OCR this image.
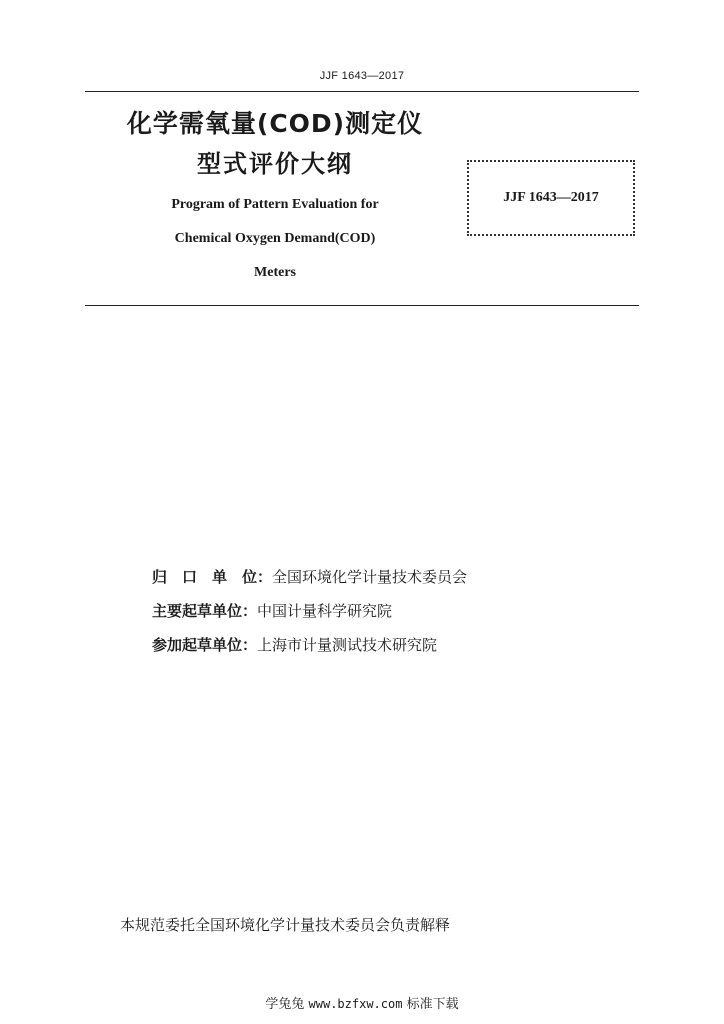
JJF 1643—2017
化学需氧量(COD)测定仪
型式评价大纲
Program of Pattern Evaluation for
Chemical Oxygen Demand(COD)
Meters
JJF 1643—2017
归　口　单　位：全国环境化学计量技术委员会
主要起草单位：中国计量科学研究院
参加起草单位：上海市计量测试技术研究院
本规范委托全国环境化学计量技术委员会负责解释
学兔兔 www.bzfxw.com 标准下载
